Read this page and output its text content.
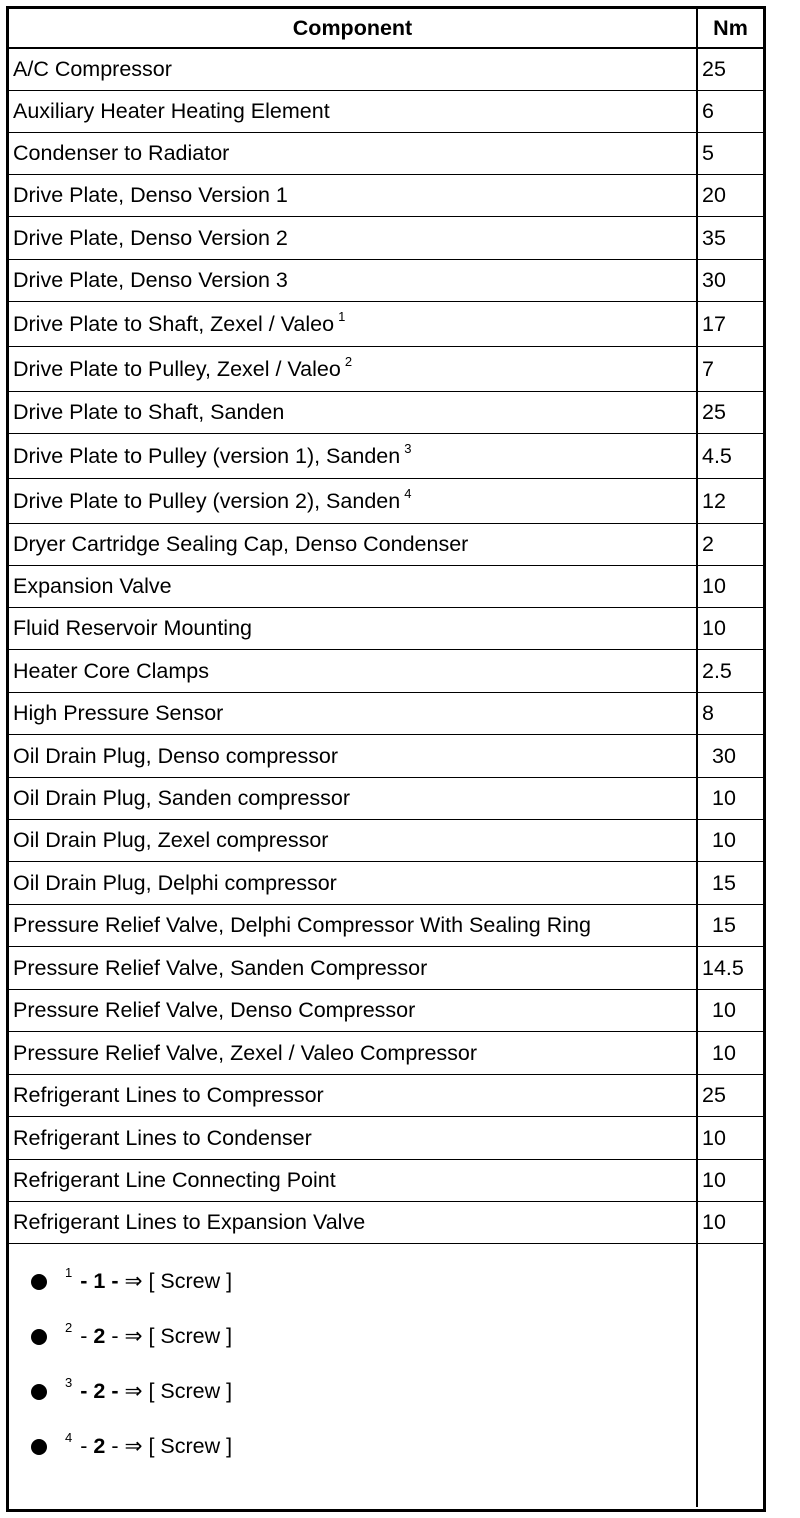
Component	Nm
A/C Compressor	25
Auxiliary Heater Heating Element	6
Condenser to Radiator	5
Drive Plate, Denso Version 1	20
Drive Plate, Denso Version 2	35
Drive Plate, Denso Version 3	30
Drive Plate to Shaft, Zexel / Valeo $^1$	17
Drive Plate to Pulley, Zexel / Valeo $^2$	7
Drive Plate to Shaft, Sanden	25
Drive Plate to Pulley (version 1), Sanden $^3$	4.5
Drive Plate to Pulley (version 2), Sanden $^4$	12
Dryer Cartridge Sealing Cap, Denso Condenser	2
Expansion Valve	10
Fluid Reservoir Mounting	10
Heater Core Clamps	2.5
High Pressure Sensor	8
Oil Drain Plug, Denso compressor	30
Oil Drain Plug, Sanden compressor	10
Oil Drain Plug, Zexel compressor	10
Oil Drain Plug, Delphi compressor	15
Pressure Relief Valve, Delphi Compressor With Sealing Ring	15
Pressure Relief Valve, Sanden Compressor	14.5
Pressure Relief Valve, Denso Compressor	10
Pressure Relief Valve, Zexel / Valeo Compressor	10
Refrigerant Lines to Compressor	25
Refrigerant Lines to Condenser	10
Refrigerant Line Connecting Point	10
Refrigerant Lines to Expansion Valve	10
$^1$ - 1 - ⇒ [ Screw ]
$^2$ - 2 - ⇒ [ Screw ]
$^3$ - 2 - ⇒ [ Screw ]
$^4$ - 2 - ⇒ [ Screw ]
